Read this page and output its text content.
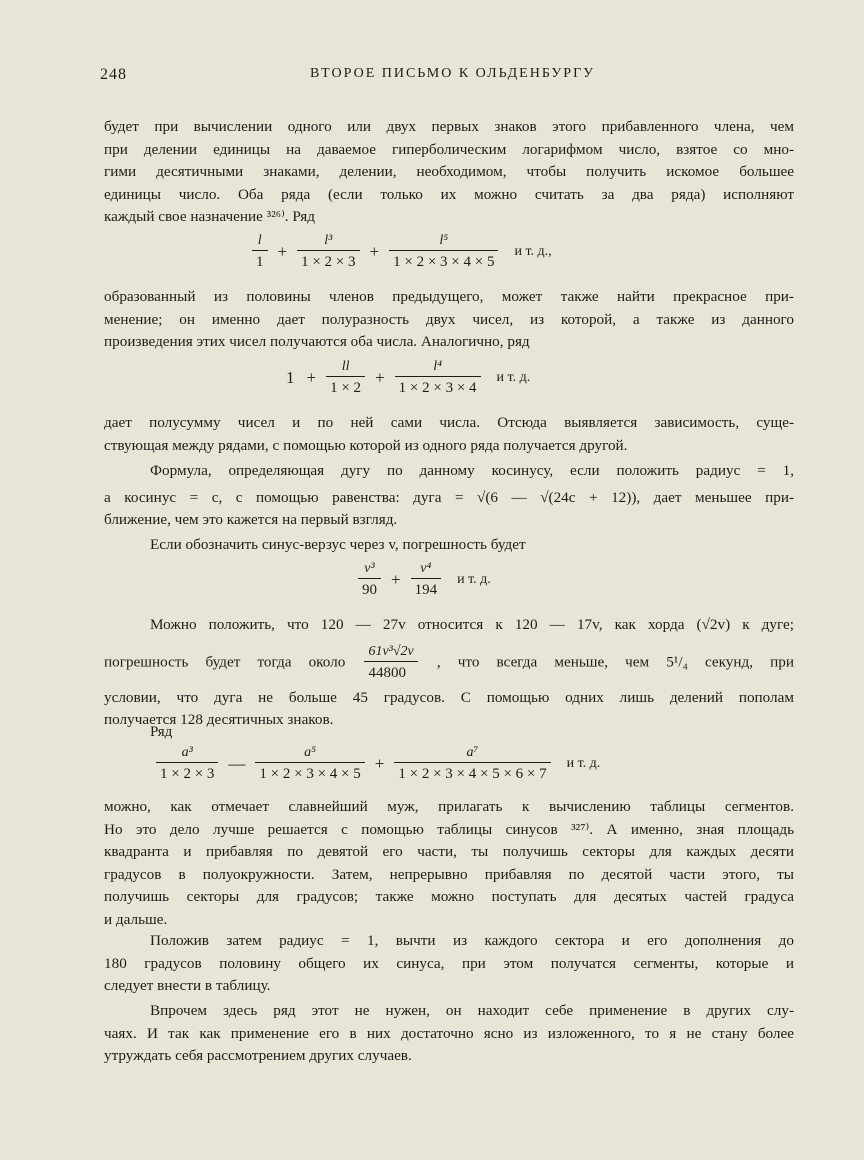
248	ВТОРОЕ ПИСЬМО К ОЛЬДЕНБУРГУ

будет при вычислении одного или двух первых знаков этого прибавленного члена, чем
при делении единицы на даваемое гиперболическим логарифмом число, взятое со мно-
гими десятичными знаками, делении, необходимом, чтобы получить искомое большее
единицы число. Оба ряда (если только их можно считать за два ряда) исполняют
каждый свое назначение ³²⁶⁾. Ряд

$\frac{l}{1} + \frac{\text{l³}}{1 \times 2 \times 3} + \frac{\text{l⁵}}{1 \times 2 \times 3 \times 4 \times 5}$ и т. д.,

образованный из половины членов предыдущего, может также найти прекрасное при-
менение; он именно дает полуразность двух чисел, из которой, а также из данного
произведения этих чисел получаются оба числа. Аналогично, ряд

$1 + \frac{ll}{1 \times 2} + \frac{\text{l⁴}}{1 \times 2 \times 3 \times 4}$ и т. д.

дает полусумму чисел и по ней сами числа. Отсюда выявляется зависимость, суще-
ствующая между рядами, с помощью которой из одного ряда получается другой.

Формула, определяющая дугу по данному косинусу, если положить радиус = 1,
а косинус = c, с помощью равенства: дуга = √(6 — √(24c + 12)), дает меньшее при-
ближение, чем это кажется на первый взгляд.

Если обозначить синус-верзус через v, погрешность будет

$\frac{\text{v³}}{90} + \frac{\text{v⁴}}{194}$ и т. д.

Можно положить, что 120 — 27v относится к 120 — 17v, как хорда (√2v) к дуге;
погрешность будет тогда около $\frac{\text{61v³√2v}}{44800}$ , что всегда меньше, чем 5¹/₄ секунд, при
условии, что дуга не больше 45 градусов. С помощью одних лишь делений пополам
получается 128 десятичных знаков.

Ряд
$\frac{\text{a³}}{1 \times 2 \times 3}$ — $\frac{\text{a⁵}}{1 \times 2 \times 3 \times 4 \times 5} + \frac{\text{a⁷}}{1 \times 2 \times 3 \times 4 \times 5 \times 6 \times 7}$ и т. д.

можно, как отмечает славнейший муж, прилагать к вычислению таблицы сегментов.
Но это дело лучше решается с помощью таблицы синусов ³²⁷⁾. А именно, зная площадь
квадранта и прибавляя по девятой его части, ты получишь секторы для каждых десяти
градусов в полуокружности. Затем, непрерывно прибавляя по десятой части этого, ты
получишь секторы для градусов; также можно поступать для десятых частей градуса
и дальше.

Положив затем радиус = 1, вычти из каждого сектора и его дополнения до
180 градусов половину общего их синуса, при этом получатся сегменты, которые и
следует внести в таблицу.

Впрочем здесь ряд этот не нужен, он находит себе применение в других слу-
чаях. И так как применение его в них достаточно ясно из изложенного, то я не стану более
утруждать себя рассмотрением других случаев.
